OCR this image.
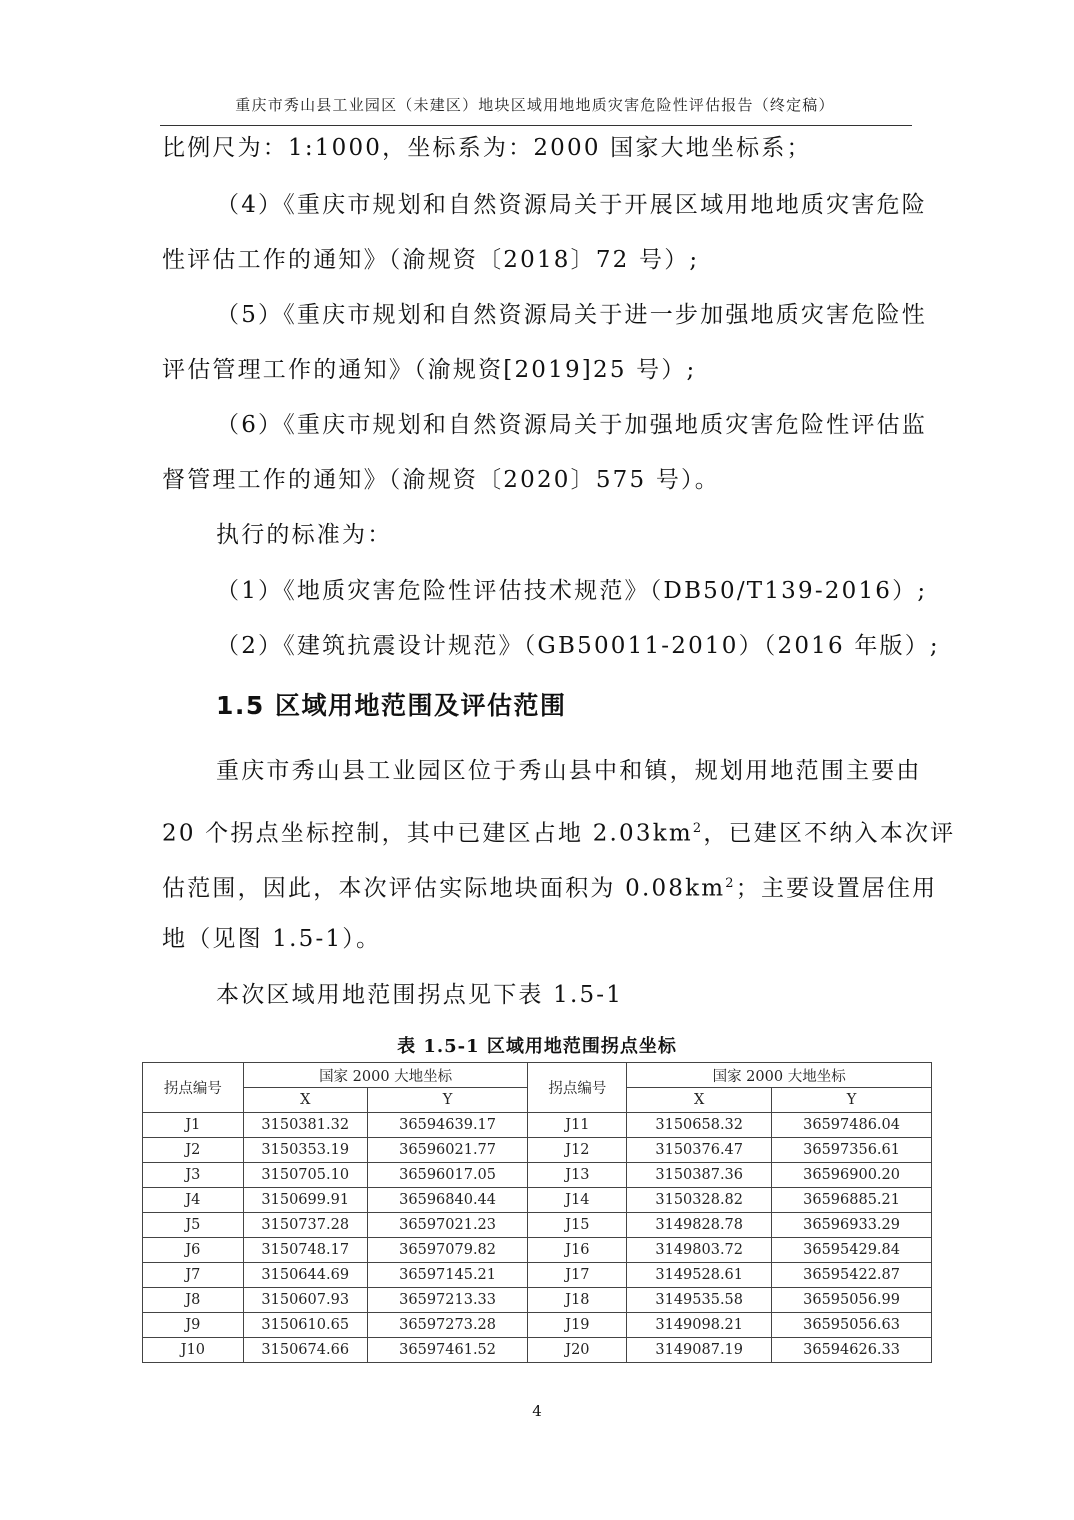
重庆市秀山县工业园区（未建区）地块区域用地地质灾害危险性评估报告（终定稿）

比例尺为：1:1000，坐标系为：2000 国家大地坐标系；

（4）《重庆市规划和自然资源局关于开展区域用地地质灾害危险

性评估工作的通知》（渝规资〔2018〕72 号）;

（5）《重庆市规划和自然资源局关于进一步加强地质灾害危险性

评估管理工作的通知》（渝规资[2019]25 号）;

（6）《重庆市规划和自然资源局关于加强地质灾害危险性评估监

督管理工作的通知》（渝规资〔2020〕575 号）。

执行的标准为：

（1）《地质灾害危险性评估技术规范》（DB50/T139-2016）;

（2）《建筑抗震设计规范》（GB50011-2010）（2016 年版）;

1.5 区域用地范围及评估范围

重庆市秀山县工业园区位于秀山县中和镇，规划用地范围主要由

20 个拐点坐标控制，其中已建区占地 $2.03km^2$，已建区不纳入本次评

估范围，因此，本次评估实际地块面积为 $0.08km^2$；主要设置居住用

地（见图 1.5-1）。

本次区域用地范围拐点见下表 1.5-1

表 1.5-1 区域用地范围拐点坐标
拐点编号	国家 2000 大地坐标		拐点编号	国家 2000 大地坐标	
	X	Y		X	Y
J1	3150381.32	36594639.17	J11	3150658.32	36597486.04
J2	3150353.19	36596021.77	J12	3150376.47	36597356.61
J3	3150705.10	36596017.05	J13	3150387.36	36596900.20
J4	3150699.91	36596840.44	J14	3150328.82	36596885.21
J5	3150737.28	36597021.23	J15	3149828.78	36596933.29
J6	3150748.17	36597079.82	J16	3149803.72	36595429.84
J7	3150644.69	36597145.21	J17	3149528.61	36595422.87
J8	3150607.93	36597213.33	J18	3149535.58	36595056.99
J9	3150610.65	36597273.28	J19	3149098.21	36595056.63
J10	3150674.66	36597461.52	J20	3149087.19	36594626.33
4
